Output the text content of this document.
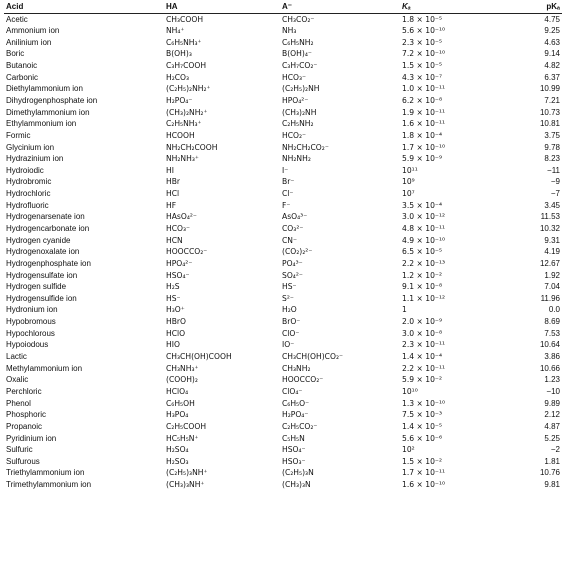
Acid	HA	A⁻	Kₐ	pKₐ
Acetic	CH₃COOH	CH₃CO₂⁻	1.8 × 10⁻⁵	4.75
Ammonium ion	NH₄⁺	NH₃	5.6 × 10⁻¹⁰	9.25
Anilinium ion	C₆H₅NH₃⁺	C₆H₅NH₂	2.3 × 10⁻⁵	4.63
Boric	B(OH)₃	B(OH)₄⁻	7.2 × 10⁻¹⁰	9.14
Butanoic	C₃H₇COOH	C₃H₇CO₂⁻	1.5 × 10⁻⁵	4.82
Carbonic	H₂CO₃	HCO₃⁻	4.3 × 10⁻⁷	6.37
Diethylammonium ion	(C₂H₅)₂NH₂⁺	(C₂H₅)₂NH	1.0 × 10⁻¹¹	10.99
Dihydrogenphosphate ion	H₂PO₄⁻	HPO₄²⁻	6.2 × 10⁻⁸	7.21
Dimethylammonium ion	(CH₃)₂NH₂⁺	(CH₃)₂NH	1.9 × 10⁻¹¹	10.73
Ethylammonium ion	C₂H₅NH₃⁺	C₂H₅NH₂	1.6 × 10⁻¹¹	10.81
Formic	HCOOH	HCO₂⁻	1.8 × 10⁻⁴	3.75
Glycinium ion	NH₂CH₂COOH	NH₂CH₂CO₂⁻	1.7 × 10⁻¹⁰	9.78
Hydrazinium ion	NH₂NH₃⁺	NH₂NH₂	5.9 × 10⁻⁹	8.23
Hydroiodic	HI	I⁻	10¹¹	−11
Hydrobromic	HBr	Br⁻	10⁹	−9
Hydrochloric	HCl	Cl⁻	10⁷	−7
Hydrofluoric	HF	F⁻	3.5 × 10⁻⁴	3.45
Hydrogenarsenate ion	HAsO₄²⁻	AsO₄³⁻	3.0 × 10⁻¹²	11.53
Hydrogencarbonate ion	HCO₃⁻	CO₃²⁻	4.8 × 10⁻¹¹	10.32
Hydrogen cyanide	HCN	CN⁻	4.9 × 10⁻¹⁰	9.31
Hydrogenoxalate ion	HOOCCO₂⁻	(CO₂)₂²⁻	6.5 × 10⁻⁵	4.19
Hydrogenphosphate ion	HPO₄²⁻	PO₄³⁻	2.2 × 10⁻¹³	12.67
Hydrogensulfate ion	HSO₄⁻	SO₄²⁻	1.2 × 10⁻²	1.92
Hydrogen sulfide	H₂S	HS⁻	9.1 × 10⁻⁸	7.04
Hydrogensulfide ion	HS⁻	S²⁻	1.1 × 10⁻¹²	11.96
Hydronium ion	H₃O⁺	H₂O	1	0.0
Hypobromous	HBrO	BrO⁻	2.0 × 10⁻⁹	8.69
Hypochlorous	HClO	ClO⁻	3.0 × 10⁻⁸	7.53
Hypoiodous	HIO	IO⁻	2.3 × 10⁻¹¹	10.64
Lactic	CH₃CH(OH)COOH	CH₃CH(OH)CO₂⁻	1.4 × 10⁻⁴	3.86
Methylammonium ion	CH₃NH₃⁺	CH₃NH₂	2.2 × 10⁻¹¹	10.66
Oxalic	(COOH)₂	HOOCCO₂⁻	5.9 × 10⁻²	1.23
Perchloric	HClO₄	ClO₄⁻	10¹⁰	−10
Phenol	C₆H₅OH	C₆H₅O⁻	1.3 × 10⁻¹⁰	9.89
Phosphoric	H₃PO₄	H₂PO₄⁻	7.5 × 10⁻³	2.12
Propanoic	C₂H₅COOH	C₂H₅CO₂⁻	1.4 × 10⁻⁵	4.87
Pyridinium ion	HC₅H₅N⁺	C₅H₅N	5.6 × 10⁻⁶	5.25
Sulfuric	H₂SO₄	HSO₄⁻	10²	−2
Sulfurous	H₂SO₃	HSO₃⁻	1.5 × 10⁻²	1.81
Triethylammonium ion	(C₂H₅)₃NH⁺	(C₂H₅)₃N	1.7 × 10⁻¹¹	10.76
Trimethylammonium ion	(CH₃)₃NH⁺	(CH₃)₃N	1.6 × 10⁻¹⁰	9.81
